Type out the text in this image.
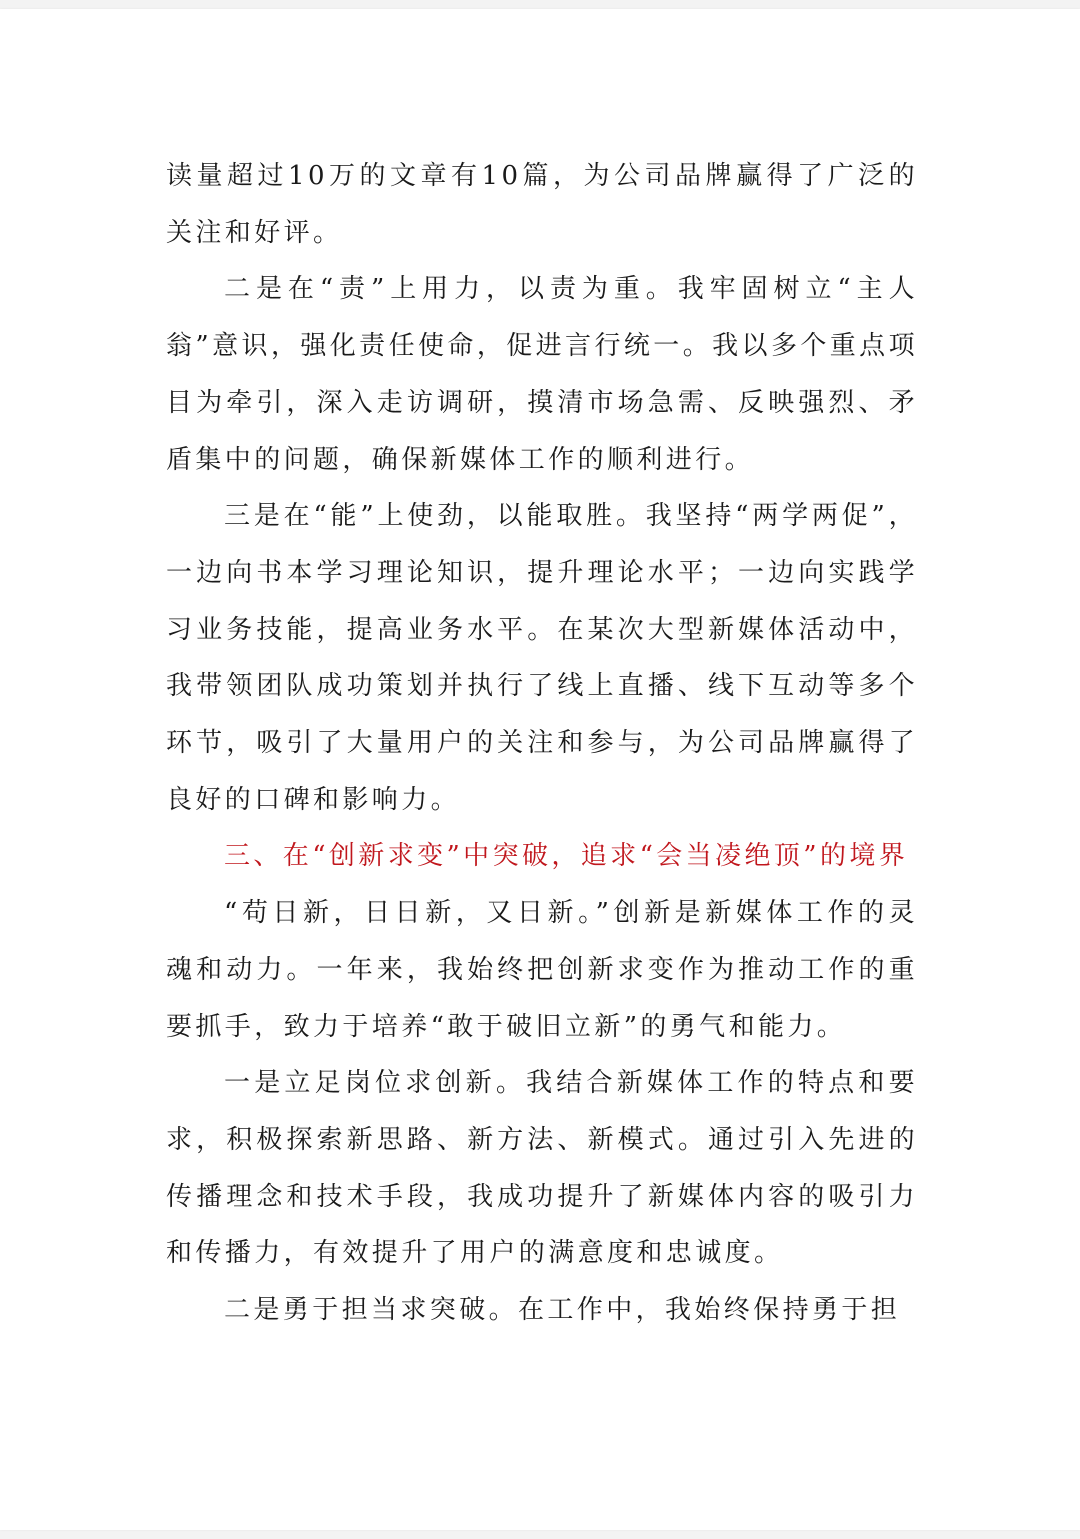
读量超过10万的文章有10篇，为公司品牌赢得了广泛的关注和好评。

二是在“责”上用力，以责为重。我牢固树立“主人翁”意识，强化责任使命，促进言行统一。我以多个重点项目为牵引，深入走访调研，摸清市场急需、反映强烈、矛盾集中的问题，确保新媒体工作的顺利进行。

三是在“能”上使劲，以能取胜。我坚持“两学两促”，一边向书本学习理论知识，提升理论水平；一边向实践学习业务技能，提高业务水平。在某次大型新媒体活动中，我带领团队成功策划并执行了线上直播、线下互动等多个环节，吸引了大量用户的关注和参与，为公司品牌赢得了良好的口碑和影响力。

三、在“创新求变”中突破，追求“会当凌绝顶”的境界

“苟日新，日日新，又日新。”创新是新媒体工作的灵魂和动力。一年来，我始终把创新求变作为推动工作的重要抓手，致力于培养“敢于破旧立新”的勇气和能力。

一是立足岗位求创新。我结合新媒体工作的特点和要求，积极探索新思路、新方法、新模式。通过引入先进的传播理念和技术手段，我成功提升了新媒体内容的吸引力和传播力，有效提升了用户的满意度和忠诚度。

二是勇于担当求突破。在工作中，我始终保持勇于担
